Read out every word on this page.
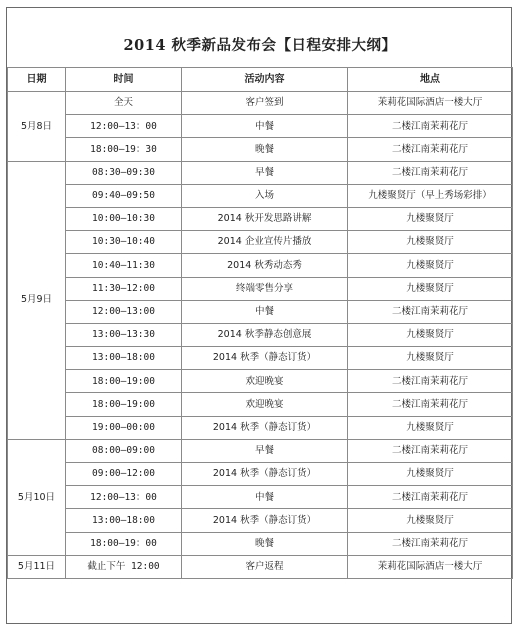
2014 秋季新品发布会【日程安排大纲】
日期	时间	活动内容	地点
5月8日	全天	客户签到	茉莉花国际酒店一楼大厅
	12:00—13：00	中餐	二楼江南茉莉花厅
	18:00—19：30	晚餐	二楼江南茉莉花厅
5月9日	08:30—09:30	早餐	二楼江南茉莉花厅
	09:40—09:50	入场	九楼聚贤厅（早上秀场彩排）
	10:00—10:30	2014 秋开发思路讲解	九楼聚贤厅
	10:30—10:40	2014 企业宣传片播放	九楼聚贤厅
	10:40—11:30	2014 秋秀动态秀	九楼聚贤厅
	11:30—12:00	终端零售分享	九楼聚贤厅
	12:00—13:00	中餐	二楼江南茉莉花厅
	13:00—13:30	2014 秋季静态创意展	九楼聚贤厅
	13:00—18:00	2014 秋季（静态订货）	九楼聚贤厅
	18:00—19:00	欢迎晚宴	二楼江南茉莉花厅
	18:00—19:00	欢迎晚宴	二楼江南茉莉花厅
	19:00—00:00	2014 秋季（静态订货）	九楼聚贤厅
5月10日	08:00—09:00	早餐	二楼江南茉莉花厅
	09:00—12:00	2014 秋季（静态订货）	九楼聚贤厅
	12:00—13：00	中餐	二楼江南茉莉花厅
	13:00—18:00	2014 秋季（静态订货）	九楼聚贤厅
	18:00—19：00	晚餐	二楼江南茉莉花厅
5月11日	截止下午 12:00	客户返程	茉莉花国际酒店一楼大厅
